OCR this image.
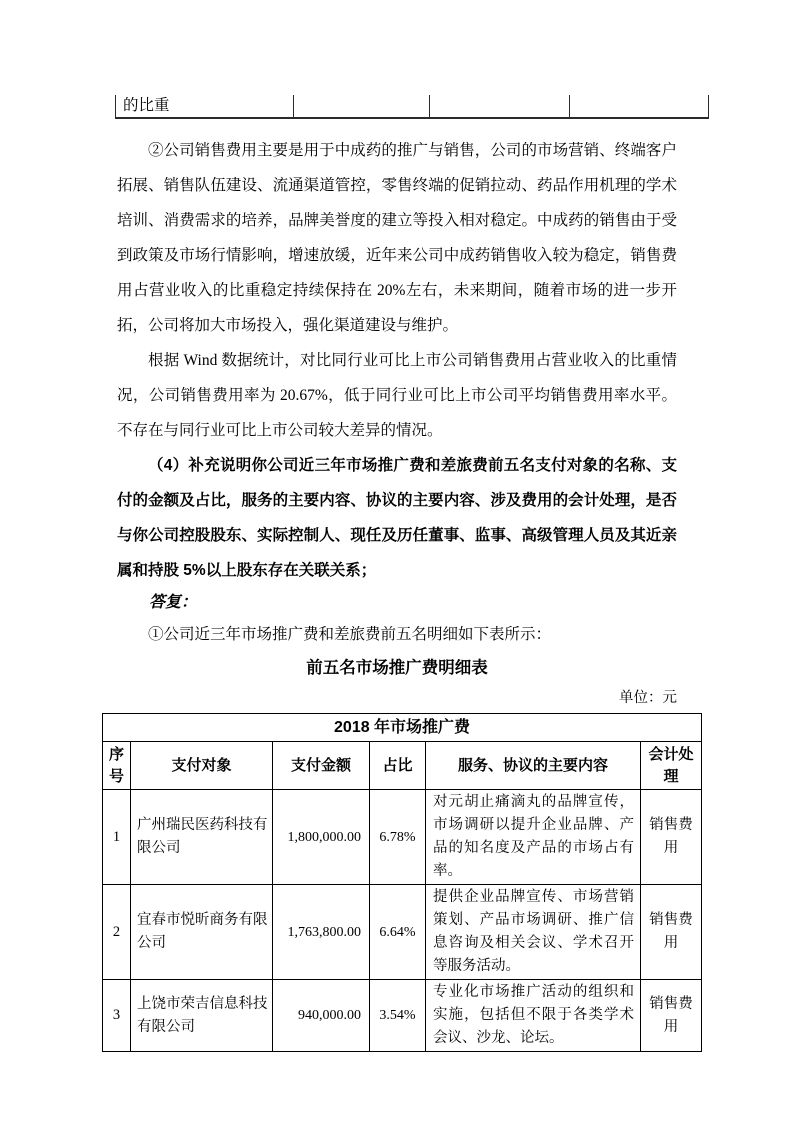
的比重			

②公司销售费用主要是用于中成药的推广与销售，公司的市场营销、终端客户拓展、销售队伍建设、流通渠道管控，零售终端的促销拉动、药品作用机理的学术培训、消费需求的培养，品牌美誉度的建立等投入相对稳定。中成药的销售由于受到政策及市场行情影响，增速放缓，近年来公司中成药销售收入较为稳定，销售费用占营业收入的比重稳定持续保持在 20%左右，未来期间，随着市场的进一步开拓，公司将加大市场投入，强化渠道建设与维护。

根据 Wind 数据统计，对比同行业可比上市公司销售费用占营业收入的比重情况，公司销售费用率为 20.67%，低于同行业可比上市公司平均销售费用率水平。不存在与同行业可比上市公司较大差异的情况。

（4）补充说明你公司近三年市场推广费和差旅费前五名支付对象的名称、支付的金额及占比，服务的主要内容、协议的主要内容、涉及费用的会计处理，是否与你公司控股股东、实际控制人、现任及历任董事、监事、高级管理人员及其近亲属和持股 5%以上股东存在关联关系；

答复：

①公司近三年市场推广费和差旅费前五名明细如下表所示：

前五名市场推广费明细表

单位：元

2018 年市场推广费					
序号	支付对象	支付金额	占比	服务、协议的主要内容	会计处理
1	广州瑞民医药科技有限公司	1,800,000.00	6.78%	对元胡止痛滴丸的品牌宣传，市场调研以提升企业品牌、产品的知名度及产品的市场占有率。	销售费用
2	宜春市悦昕商务有限公司	1,763,800.00	6.64%	提供企业品牌宣传、市场营销策划、产品市场调研、推广信息咨询及相关会议、学术召开等服务活动。	销售费用
3	上饶市荣吉信息科技有限公司	940,000.00	3.54%	专业化市场推广活动的组织和实施，包括但不限于各类学术会议、沙龙、论坛。	销售费用
